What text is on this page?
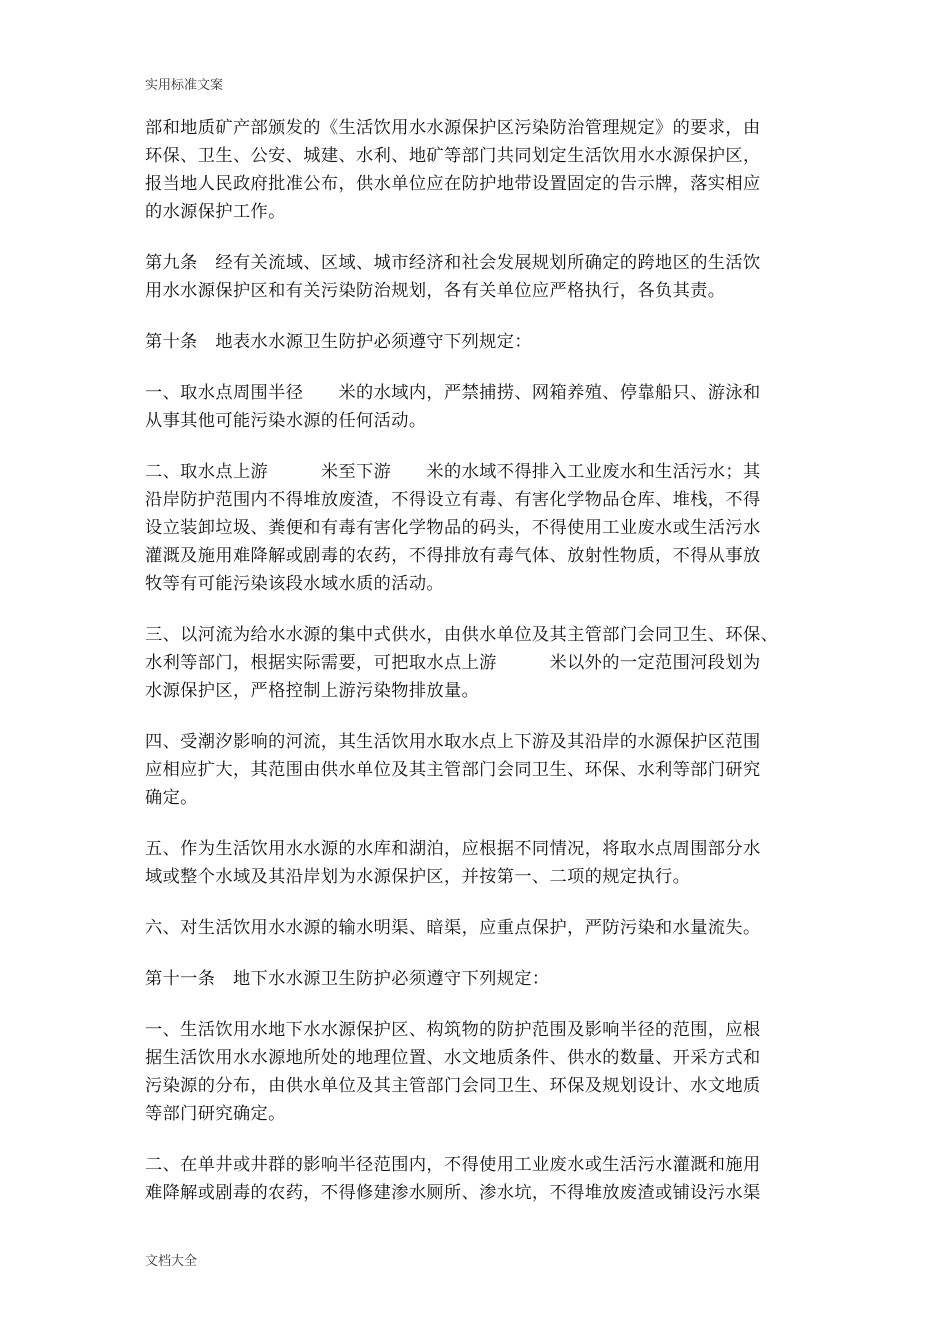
实用标准文案
部和地质矿产部颁发的《生活饮用水水源保护区污染防治管理规定》的要求，由
环保、卫生、公安、城建、水利、地矿等部门共同划定生活饮用水水源保护区，
报当地人民政府批准公布，供水单位应在防护地带设置固定的告示牌，落实相应
的水源保护工作。
第九条　经有关流域、区域、城市经济和社会发展规划所确定的跨地区的生活饮
用水水源保护区和有关污染防治规划，各有关单位应严格执行，各负其责。
第十条　地表水水源卫生防护必须遵守下列规定：
一、取水点周围半径　　米的水域内，严禁捕捞、网箱养殖、停靠船只、游泳和
从事其他可能污染水源的任何活动。
二、取水点上游　　　米至下游　　米的水域不得排入工业废水和生活污水；其
沿岸防护范围内不得堆放废渣，不得设立有毒、有害化学物品仓库、堆栈，不得
设立装卸垃圾、粪便和有毒有害化学物品的码头，不得使用工业废水或生活污水
灌溉及施用难降解或剧毒的农药，不得排放有毒气体、放射性物质，不得从事放
牧等有可能污染该段水域水质的活动。
三、以河流为给水水源的集中式供水，由供水单位及其主管部门会同卫生、环保、
水利等部门，根据实际需要，可把取水点上游　　　米以外的一定范围河段划为
水源保护区，严格控制上游污染物排放量。
四、受潮汐影响的河流，其生活饮用水取水点上下游及其沿岸的水源保护区范围
应相应扩大，其范围由供水单位及其主管部门会同卫生、环保、水利等部门研究
确定。
五、作为生活饮用水水源的水库和湖泊，应根据不同情况，将取水点周围部分水
域或整个水域及其沿岸划为水源保护区，并按第一、二项的规定执行。
六、对生活饮用水水源的输水明渠、暗渠，应重点保护，严防污染和水量流失。
第十一条　地下水水源卫生防护必须遵守下列规定：
一、生活饮用水地下水水源保护区、构筑物的防护范围及影响半径的范围，应根
据生活饮用水水源地所处的地理位置、水文地质条件、供水的数量、开采方式和
污染源的分布，由供水单位及其主管部门会同卫生、环保及规划设计、水文地质
等部门研究确定。
二、在单井或井群的影响半径范围内，不得使用工业废水或生活污水灌溉和施用
难降解或剧毒的农药，不得修建渗水厕所、渗水坑，不得堆放废渣或铺设污水渠
文档大全
